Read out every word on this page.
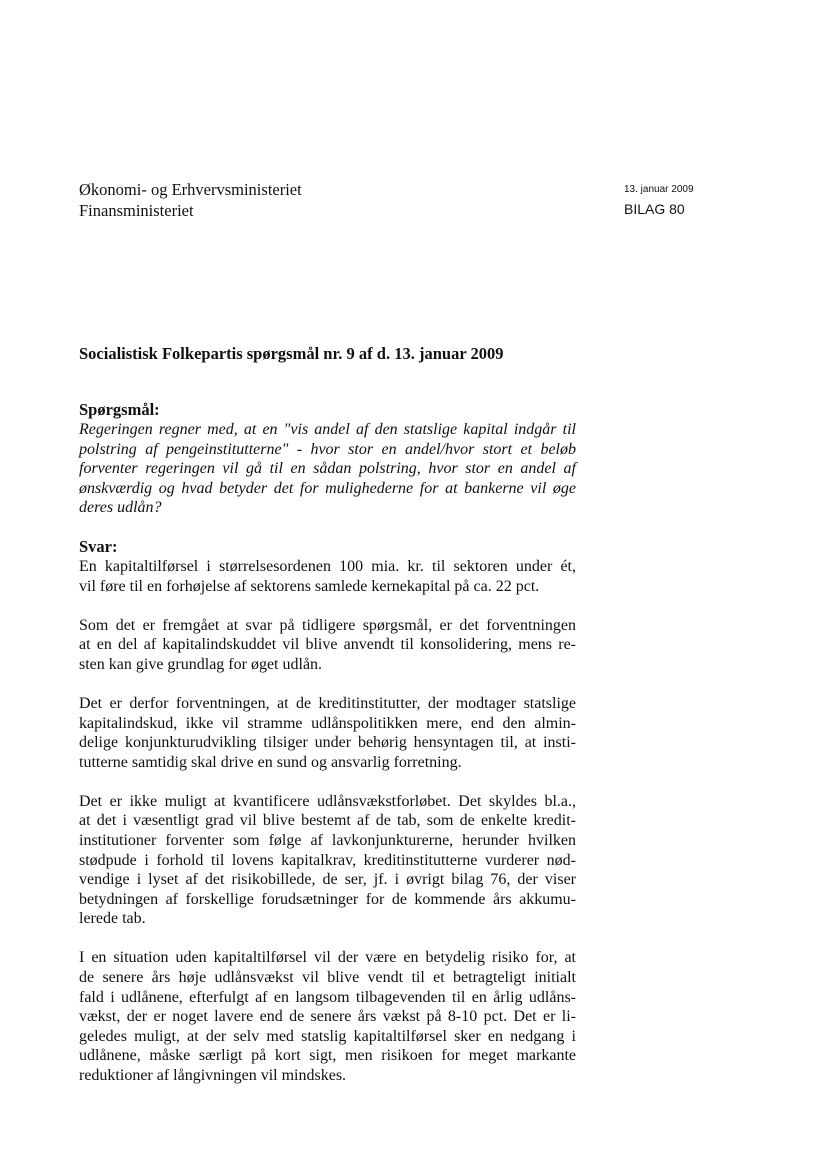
Økonomi- og Erhvervsministeriet
Finansministeriet
13. januar 2009
BILAG 80
Socialistisk Folkepartis spørgsmål nr. 9 af d. 13. januar 2009
Spørgsmål:

Regeringen regner med, at en "vis andel af den statslige kapital indgår til
polstring af pengeinstitutterne" - hvor stor en andel/hvor stort et beløb
forventer regeringen vil gå til en sådan polstring, hvor stor en andel af
ønskværdig og hvad betyder det for mulighederne for at bankerne vil øge
deres udlån?

Svar:

En kapitaltilførsel i størrelsesordenen 100 mia. kr. til sektoren under ét,
vil føre til en forhøjelse af sektorens samlede kernekapital på ca. 22 pct.

Som det er fremgået at svar på tidligere spørgsmål, er det forventningen
at en del af kapitalindskuddet vil blive anvendt til konsolidering, mens re-
sten kan give grundlag for øget udlån.

Det er derfor forventningen, at de kreditinstitutter, der modtager statslige
kapitalindskud, ikke vil stramme udlånspolitikken mere, end den almin-
delige konjunkturudvikling tilsiger under behørig hensyntagen til, at insti-
tutterne samtidig skal drive en sund og ansvarlig forretning.

Det er ikke muligt at kvantificere udlånsvækstforløbet. Det skyldes bl.a.,
at det i væsentligt grad vil blive bestemt af de tab, som de enkelte kredit-
institutioner forventer som følge af lavkonjunkturerne, herunder hvilken
stødpude i forhold til lovens kapitalkrav, kreditinstitutterne vurderer nød-
vendige i lyset af det risikobillede, de ser, jf. i øvrigt bilag 76, der viser
betydningen af forskellige forudsætninger for de kommende års akkumu-
lerede tab.

I en situation uden kapitaltilførsel vil der være en betydelig risiko for, at
de senere års høje udlånsvækst vil blive vendt til et betragteligt initialt
fald i udlånene, efterfulgt af en langsom tilbagevenden til en årlig udlåns-
vækst, der er noget lavere end de senere års vækst på 8-10 pct. Det er li-
geledes muligt, at der selv med statslig kapitaltilførsel sker en nedgang i
udlånene, måske særligt på kort sigt, men risikoen for meget markante
reduktioner af långivningen vil mindskes.
